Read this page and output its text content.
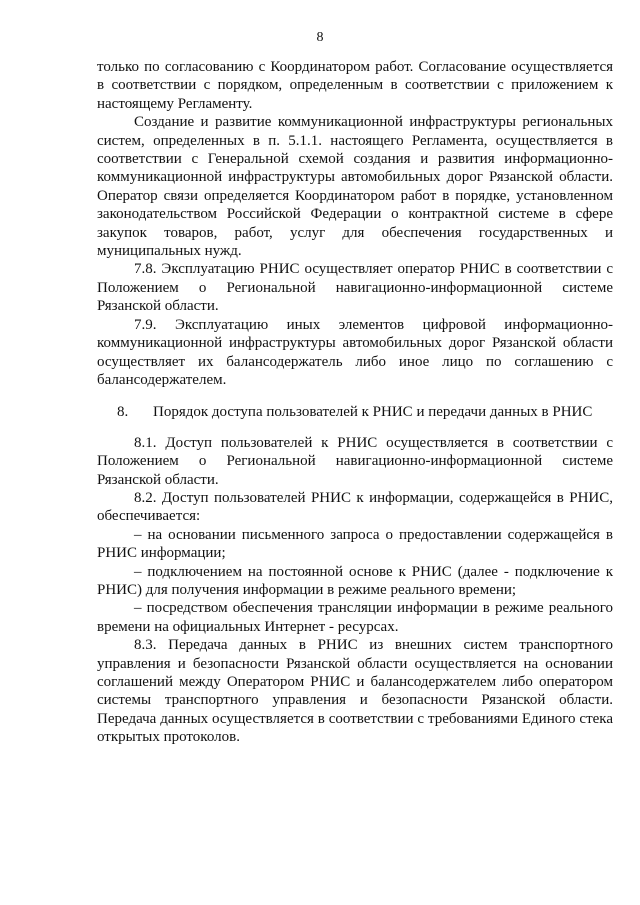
8

только по согласованию с Координатором работ. Согласование осуществляется в соответствии с порядком, определенным в соответствии с приложением к настоящему Регламенту.

Создание и развитие коммуникационной инфраструктуры региональных систем, определенных в п. 5.1.1. настоящего Регламента, осуществляется в соответствии с Генеральной схемой создания и развития информационно-коммуникационной инфраструктуры автомобильных дорог Рязанской области. Оператор связи определяется Координатором работ в порядке, установленном законодательством Российской Федерации о контрактной системе в сфере закупок товаров, работ, услуг для обеспечения государственных и муниципальных нужд.

7.8. Эксплуатацию РНИС осуществляет оператор РНИС в соответствии с Положением о Региональной навигационно-информационной системе Рязанской области.

7.9. Эксплуатацию иных элементов цифровой информационно-коммуникационной инфраструктуры автомобильных дорог Рязанской области осуществляет их балансодержатель либо иное лицо по соглашению с балансодержателем.

8. Порядок доступа пользователей к РНИС и передачи данных в РНИС

8.1. Доступ пользователей к РНИС осуществляется в соответствии с Положением о Региональной навигационно-информационной системе Рязанской области.

8.2. Доступ пользователей РНИС к информации, содержащейся в РНИС, обеспечивается:

– на основании письменного запроса о предоставлении содержащейся в РНИС информации;

– подключением на постоянной основе к РНИС (далее - подключение к РНИС) для получения информации в режиме реального времени;

– посредством обеспечения трансляции информации в режиме реального времени на официальных Интернет - ресурсах.

8.3. Передача данных в РНИС из внешних систем транспортного управления и безопасности Рязанской области осуществляется на основании соглашений между Оператором РНИС и балансодержателем либо оператором системы транспортного управления и безопасности Рязанской области. Передача данных осуществляется в соответствии с требованиями Единого стека открытых протоколов.
